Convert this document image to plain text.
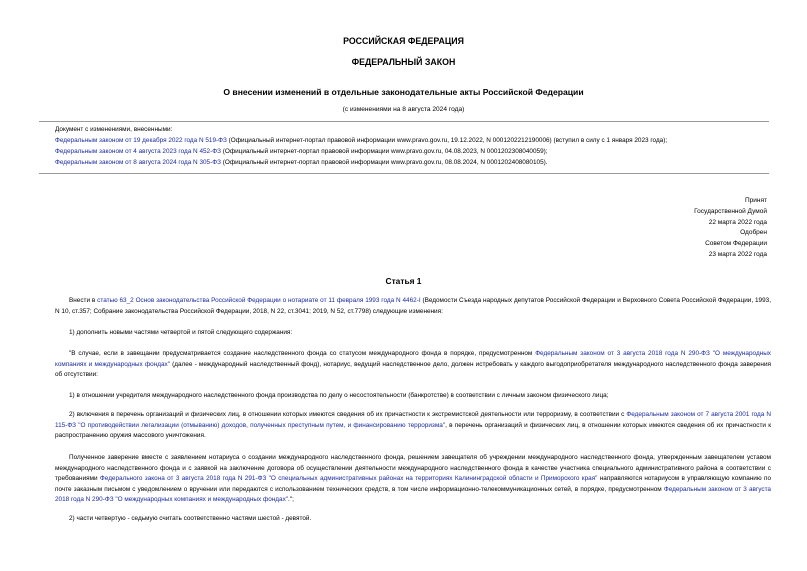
РОССИЙСКАЯ ФЕДЕРАЦИЯ
ФЕДЕРАЛЬНЫЙ ЗАКОН
О внесении изменений в отдельные законодательные акты Российской Федерации
(с изменениями на 8 августа 2024 года)
Документ с изменениями, внесенными:
Федеральным законом от 19 декабря 2022 года N 519-ФЗ (Официальный интернет-портал правовой информации www.pravo.gov.ru, 19.12.2022, N 0001202212190006) (вступил в силу с 1 января 2023 года);
Федеральным законом от 4 августа 2023 года N 452-ФЗ (Официальный интернет-портал правовой информации www.pravo.gov.ru, 04.08.2023, N 0001202308040059);
Федеральным законом от 8 августа 2024 года N 305-ФЗ (Официальный интернет-портал правовой информации www.pravo.gov.ru, 08.08.2024, N 0001202408080105).
Принят
Государственной Думой
22 марта 2022 года
Одобрен
Советом Федерации
23 марта 2022 года
Статья 1
Внести в статью 63_2 Основ законодательства Российской Федерации о нотариате от 11 февраля 1993 года N 4462-I (Ведомости Съезда народных депутатов Российской Федерации и Верховного Совета Российской Федерации, 1993, N 10, ст.357; Собрание законодательства Российской Федерации, 2018, N 22, ст.3041; 2019, N 52, ст.7798) следующие изменения:
1) дополнить новыми частями четвертой и пятой следующего содержания:
"В случае, если в завещании предусматривается создание наследственного фонда со статусом международного фонда в порядке, предусмотренном Федеральным законом от 3 августа 2018 года N 290-ФЗ "О международных компаниях и международных фондах" (далее - международный наследственный фонд), нотариус, ведущий наследственное дело, должен истребовать у каждого выгодоприобретателя международного наследственного фонда заверения об отсутствии:
1) в отношении учредителя международного наследственного фонда производства по делу о несостоятельности (банкротстве) в соответствии с личным законом физического лица;
2) включения в перечень организаций и физических лиц, в отношении которых имеются сведения об их причастности к экстремистской деятельности или терроризму, в соответствии с Федеральным законом от 7 августа 2001 года N 115-ФЗ "О противодействии легализации (отмыванию) доходов, полученных преступным путем, и финансированию терроризма", в перечень организаций и физических лиц, в отношении которых имеются сведения об их причастности к распространению оружия массового уничтожения.
Полученное заверение вместе с заявлением нотариуса о создании международного наследственного фонда, решением завещателя об учреждении международного наследственного фонда, утвержденным завещателем уставом международного наследственного фонда и с заявкой на заключение договора об осуществлении деятельности международного наследственного фонда в качестве участника специального административного района в соответствии с требованиями Федерального закона от 3 августа 2018 года N 291-ФЗ "О специальных административных районах на территориях Калининградской области и Приморского края" направляются нотариусом в управляющую компанию по почте заказным письмом с уведомлением о вручении или передаются с использованием технических средств, в том числе информационно-телекоммуникационных сетей, в порядке, предусмотренном Федеральным законом от 3 августа 2018 года N 290-ФЗ "О международных компаниях и международных фондах".";
2) части четвертую - седьмую считать соответственно частями шестой - девятой.
